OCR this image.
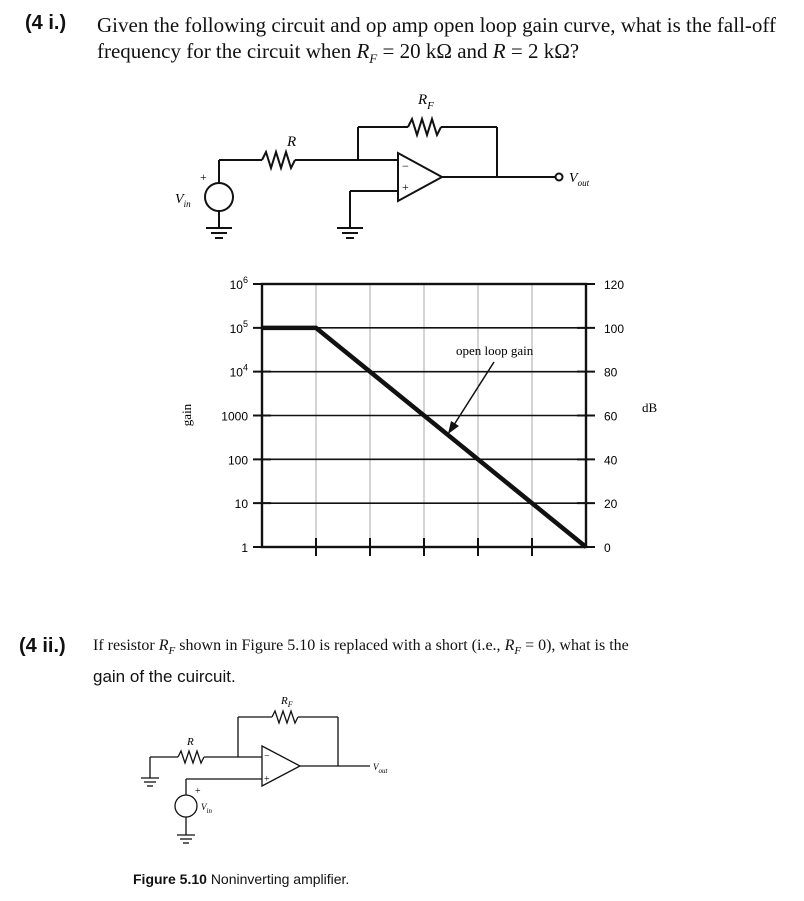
(4 i.) Given the following circuit and op amp open loop gain curve, what is the fall-off
frequency for the circuit when $R_F = 20$ kΩ and R = 2 kΩ?
R
$R_F$
$V_{in}$
+
−
+
$V_{out}$
$10^6$	120
$10^5$	100
$10^4$	80
1000	60
100	40
10	20
1	0
gain	dB
open loop gain
(4 ii.) If resistor $R_F$ shown in Figure 5.10 is replaced with a short (i.e., $R_F = 0$), what is the
gain of the cuircuit.
R
$R_F$
−
+
+
$V_{in}$
$V_{out}$
Figure 5.10 Noninverting amplifier.
